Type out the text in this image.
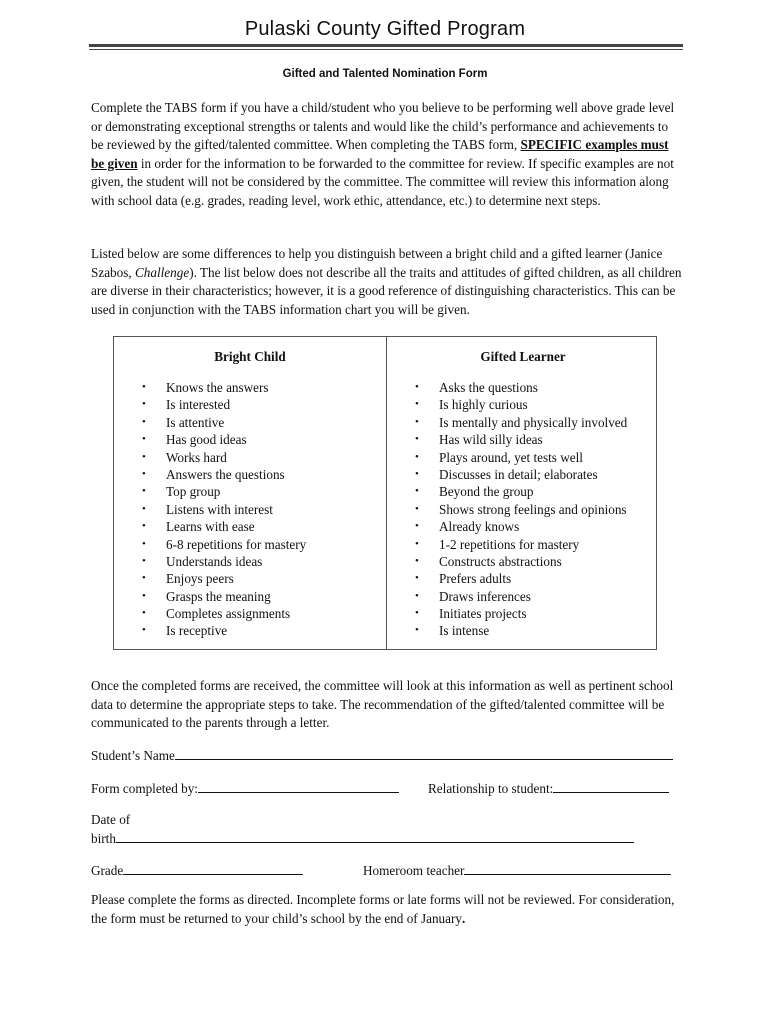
Pulaski County Gifted Program
Gifted and Talented Nomination Form

Complete the TABS form if you have a child/student who you believe to be performing well above grade level or demonstrating exceptional strengths or talents and would like the child’s performance and achievements to be reviewed by the gifted/talented committee. When completing the TABS form, SPECIFIC examples must be given in order for the information to be forwarded to the committee for review. If specific examples are not given, the student will not be considered by the committee. The committee will review this information along with school data (e.g. grades, reading level, work ethic, attendance, etc.) to determine next steps.

Listed below are some differences to help you distinguish between a bright child and a gifted learner (Janice Szabos, Challenge). The list below does not describe all the traits and attitudes of gifted children, as all children are diverse in their characteristics; however, it is a good reference of distinguishing characteristics. This can be used in conjunction with the TABS information chart you will be given.

Bright Child
• Knows the answers
• Is interested
• Is attentive
• Has good ideas
• Works hard
• Answers the questions
• Top group
• Listens with interest
• Learns with ease
• 6-8 repetitions for mastery
• Understands ideas
• Enjoys peers
• Grasps the meaning
• Completes assignments
• Is receptive
Gifted Learner
• Asks the questions
• Is highly curious
• Is mentally and physically involved
• Has wild silly ideas
• Plays around, yet tests well
• Discusses in detail; elaborates
• Beyond the group
• Shows strong feelings and opinions
• Already knows
• 1-2 repetitions for mastery
• Constructs abstractions
• Prefers adults
• Draws inferences
• Initiates projects
• Is intense

Once the completed forms are received, the committee will look at this information as well as pertinent school data to determine the appropriate steps to take. The recommendation of the gifted/talented committee will be communicated to the parents through a letter.

Student’s Name
Form completed by:	Relationship to student:
Date of
birth
Grade	Homeroom teacher

Please complete the forms as directed. Incomplete forms or late forms will not be reviewed. For consideration, the form must be returned to your child’s school by the end of January.
